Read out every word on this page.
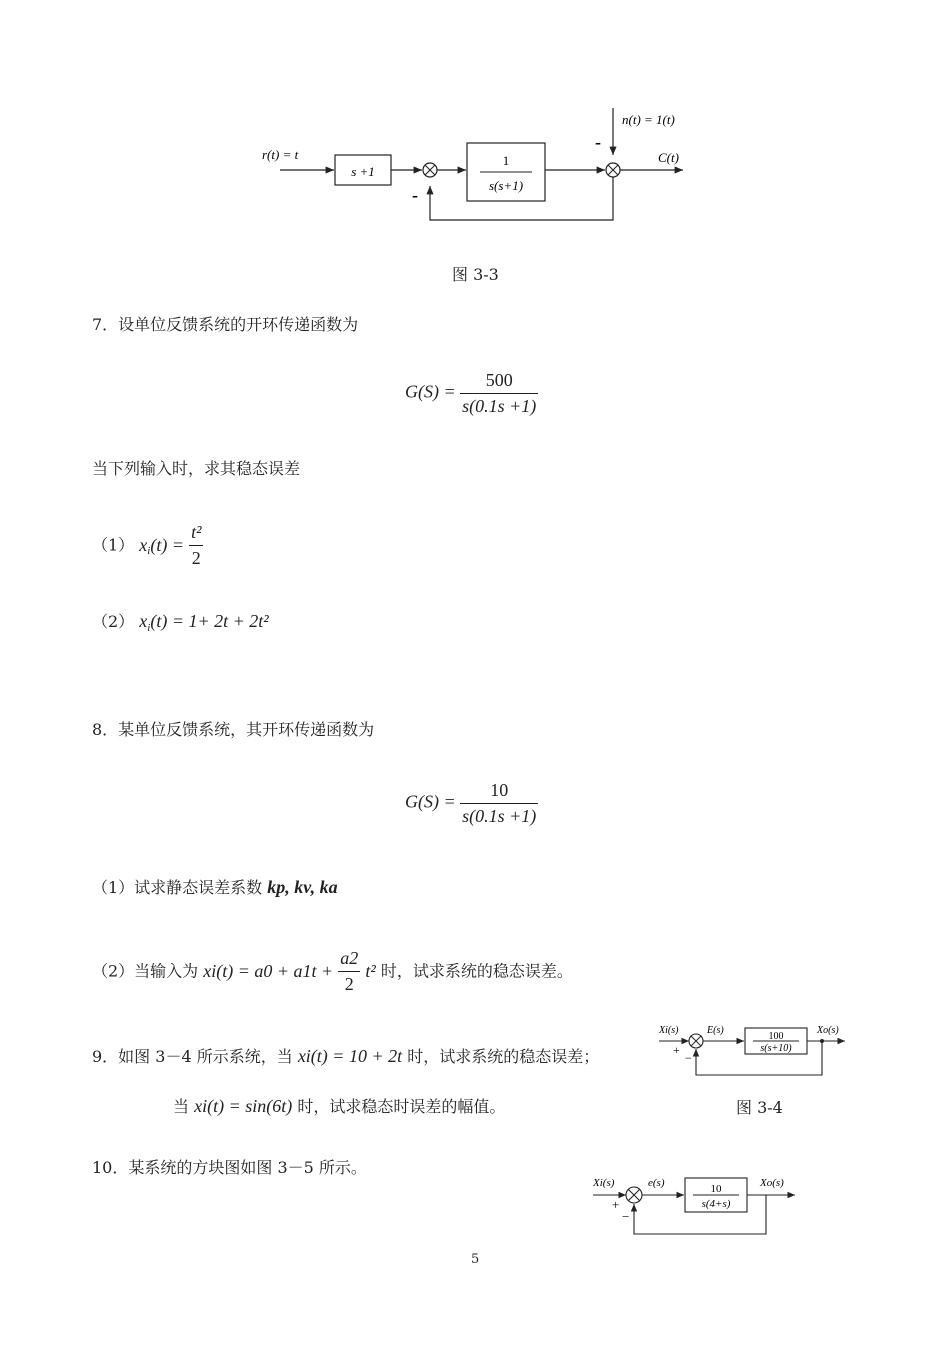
r(t) = t
s +1
1
s(s+1)
n(t) = 1(t)
-
C(t)
-
图 3-3
7．设单位反馈系统的开环传递函数为
$G(S) = \frac{500}{s(0.1s +1)}$
当下列输入时，求其稳态误差
（1） $x_i(t) = \frac{\text{t²}}{2}$
（2） $x_i(t) = 1+ 2t + 2t^2$
8．某单位反馈系统，其开环传递函数为
$G(S) = \frac{10}{s(0.1s +1)}$
（1）试求静态误差系数 kp, kv, ka
（2）当输入为 $xi(t) = a0 + a1t + \frac{a2}{2} t^2$ 时，试求系统的稳态误差。
9．如图 3－4 所示系统，当 xi(t) = 10 + 2t 时，试求系统的稳态误差；
当 xi(t) = sin(6t) 时，试求稳态时误差的幅值。
Xi(s)
+
−
E(s)
100
s(s+10)
Xo(s)
图 3-4
10．某系统的方块图如图 3－5 所示。
Xi(s)
+
−
e(s)	10
s(4+s)
Xo(s)
5
